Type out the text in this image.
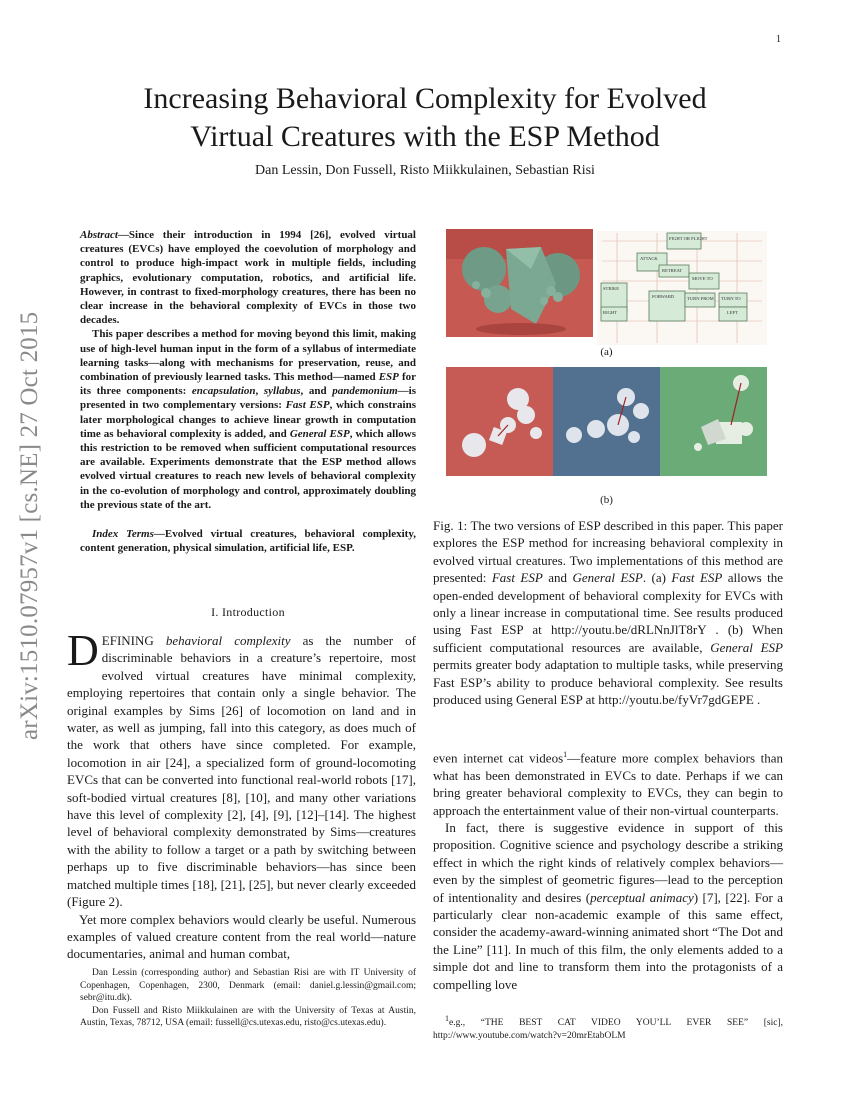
1
arXiv:1510.07957v1 [cs.NE] 27 Oct 2015
Increasing Behavioral Complexity for Evolved
Virtual Creatures with the ESP Method
Dan Lessin, Don Fussell, Risto Miikkulainen, Sebastian Risi

Abstract—Since their introduction in 1994 [26], evolved virtual creatures (EVCs) have employed the coevolution of morphology and control to produce high-impact work in multiple fields, including graphics, evolutionary computation, robotics, and artificial life. However, in contrast to fixed-morphology creatures, there has been no clear increase in the behavioral complexity of EVCs in those two decades.

This paper describes a method for moving beyond this limit, making use of high-level human input in the form of a syllabus of intermediate learning tasks—along with mechanisms for preservation, reuse, and combination of previously learned tasks. This method—named ESP for its three components: encapsulation, syllabus, and pandemonium—is presented in two complementary versions: Fast ESP, which constrains later morphological changes to achieve linear growth in computation time as behavioral complexity is added, and General ESP, which allows this restriction to be removed when sufficient computational resources are available. Experiments demonstrate that the ESP method allows evolved virtual creatures to reach new levels of behavioral complexity in the co-evolution of morphology and control, approximately doubling the previous state of the art.

Index Terms—Evolved virtual creatures, behavioral complexity, content generation, physical simulation, artificial life, ESP.
I. Introduction

DEFINING behavioral complexity as the number of discriminable behaviors in a creature’s repertoire, most evolved virtual creatures have minimal complexity, employing repertoires that contain only a single behavior. The original examples by Sims [26] of locomotion on land and in water, as well as jumping, fall into this category, as does much of the work that others have since completed. For example, locomotion in air [24], a specialized form of ground-locomoting EVCs that can be converted into functional real-world robots [17], soft-bodied virtual creatures [8], [10], and many other variations have this level of complexity [2], [4], [9], [12]–[14]. The highest level of behavioral complexity demonstrated by Sims—creatures with the ability to follow a target or a path by switching between perhaps up to five discriminable behaviors—has since been matched multiple times [18], [21], [25], but never clearly exceeded (Figure 2).

Yet more complex behaviors would clearly be useful. Numerous examples of valued creature content from the real world—nature documentaries, animal and human combat,

Dan Lessin (corresponding author) and Sebastian Risi are with IT University of Copenhagen, Copenhagen, 2300, Denmark (email: daniel.g.lessin@gmail.com; sebr@itu.dk).

Don Fussell and Risto Miikkulainen are with the University of Texas at Austin, Austin, Texas, 78712, USA (email: fussell@cs.utexas.edu, risto@cs.utexas.edu).

FIGHT OR FLIGHT
ATTACK
RETREAT
MOVE TO
STRIKE
FORWARD	TURN FROM TURN TO
RIGHT	LEFT
(a)
(b)
Fig. 1: The two versions of ESP described in this paper. This paper explores the ESP method for increasing behavioral complexity in evolved virtual creatures. Two implementations of this method are presented: Fast ESP and General ESP. (a) Fast ESP allows the open-ended development of behavioral complexity for EVCs with only a linear increase in computational time. See results produced using Fast ESP at http://youtu.be/dRLNnJlT8rY . (b) When sufficient computational resources are available, General ESP permits greater body adaptation to multiple tasks, while preserving Fast ESP’s ability to produce behavioral complexity. See results produced using General ESP at http://youtu.be/fyVr7gdGEPE .

even internet cat videos$^1$—feature more complex behaviors than what has been demonstrated in EVCs to date. Perhaps if we can bring greater behavioral complexity to EVCs, they can begin to approach the entertainment value of their non-virtual counterparts.

In fact, there is suggestive evidence in support of this proposition. Cognitive science and psychology describe a striking effect in which the right kinds of relatively complex behaviors—even by the simplest of geometric figures—lead to the perception of intentionality and desires (perceptual animacy) [7], [22]. For a particularly clear non-academic example of this same effect, consider the academy-award-winning animated short “The Dot and the Line” [11]. In much of this film, the only elements added to a simple dot and line to transform them into the protagonists of a compelling love

$^1$e.g., “THE BEST CAT VIDEO YOU’LL EVER SEE” [sic], http://www.youtube.com/watch?v=20mrEtabOLM
